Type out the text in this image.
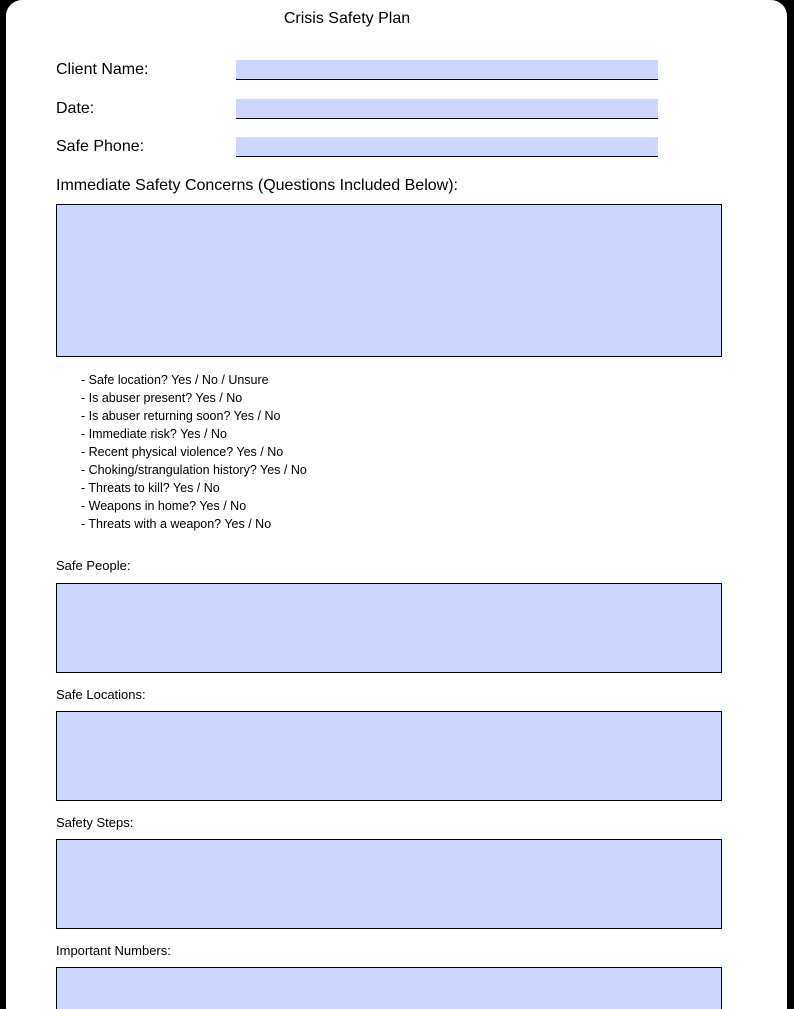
Crisis Safety Plan
Client Name:
Date:
Safe Phone:
Immediate Safety Concerns (Questions Included Below):
- Safe location? Yes / No / Unsure
- Is abuser present? Yes / No
- Is abuser returning soon? Yes / No
- Immediate risk? Yes / No
- Recent physical violence? Yes / No
- Choking/strangulation history? Yes / No
- Threats to kill? Yes / No
- Weapons in home? Yes / No
- Threats with a weapon? Yes / No
Safe People:
Safe Locations:
Safety Steps:
Important Numbers:
